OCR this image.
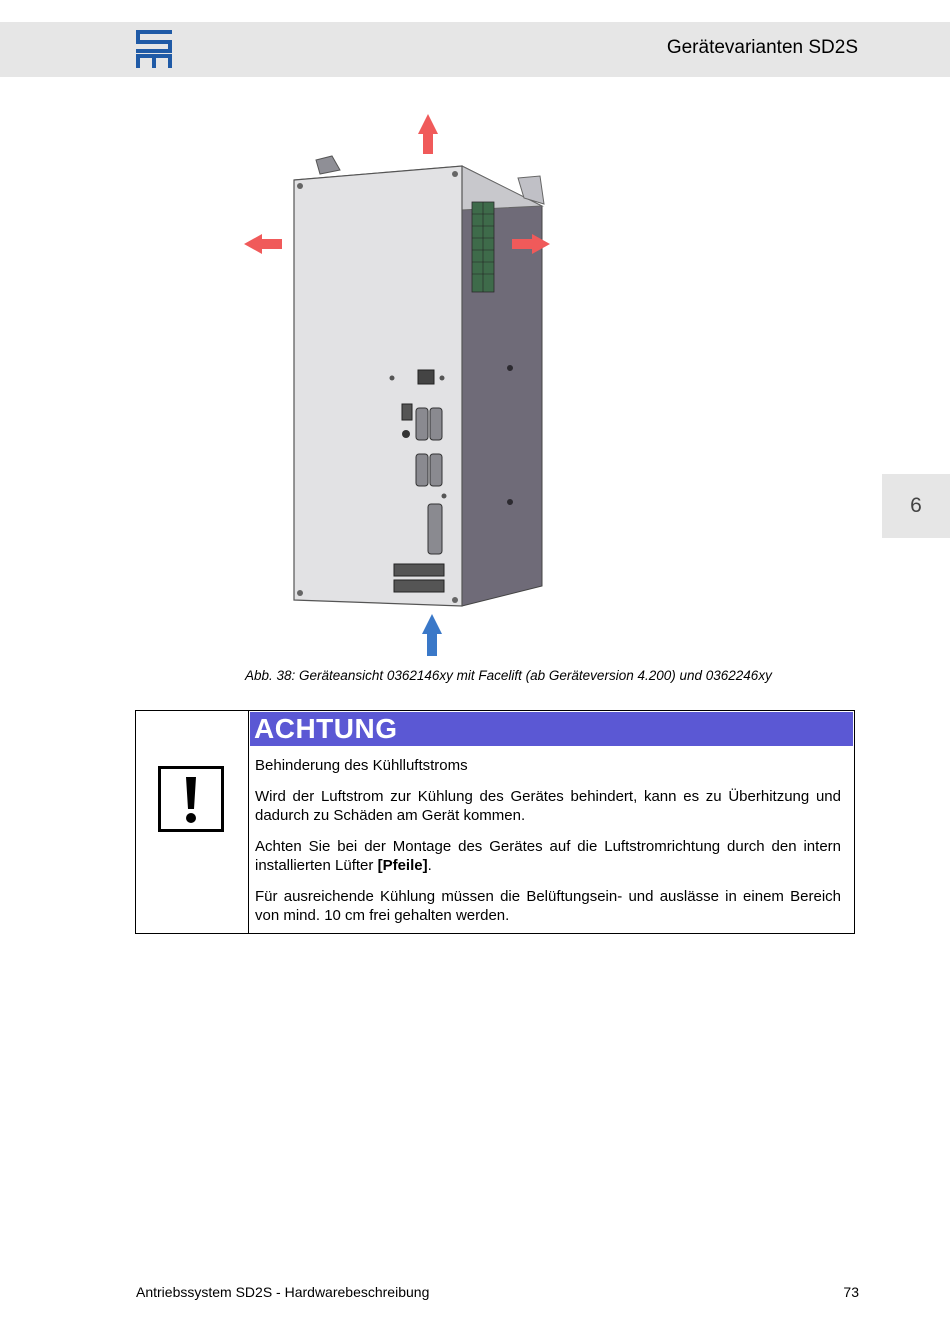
Gerätevarianten SD2S
6
Abb. 38: Geräteansicht 0362146xy mit Facelift (ab Geräteversion 4.200) und 0362246xy
ACHTUNG

Behinderung des Kühlluftstroms

Wird der Luftstrom zur Kühlung des Gerätes behindert, kann es zu Überhitzung und dadurch zu Schäden am Gerät kommen.

Achten Sie bei der Montage des Gerätes auf die Luftstromrichtung durch den intern installierten Lüfter [Pfeile].

Für ausreichende Kühlung müssen die Belüftungsein- und auslässe in einem Bereich von mind. 10 cm frei gehalten werden.

Antriebssystem SD2S - Hardwarebeschreibung	73
